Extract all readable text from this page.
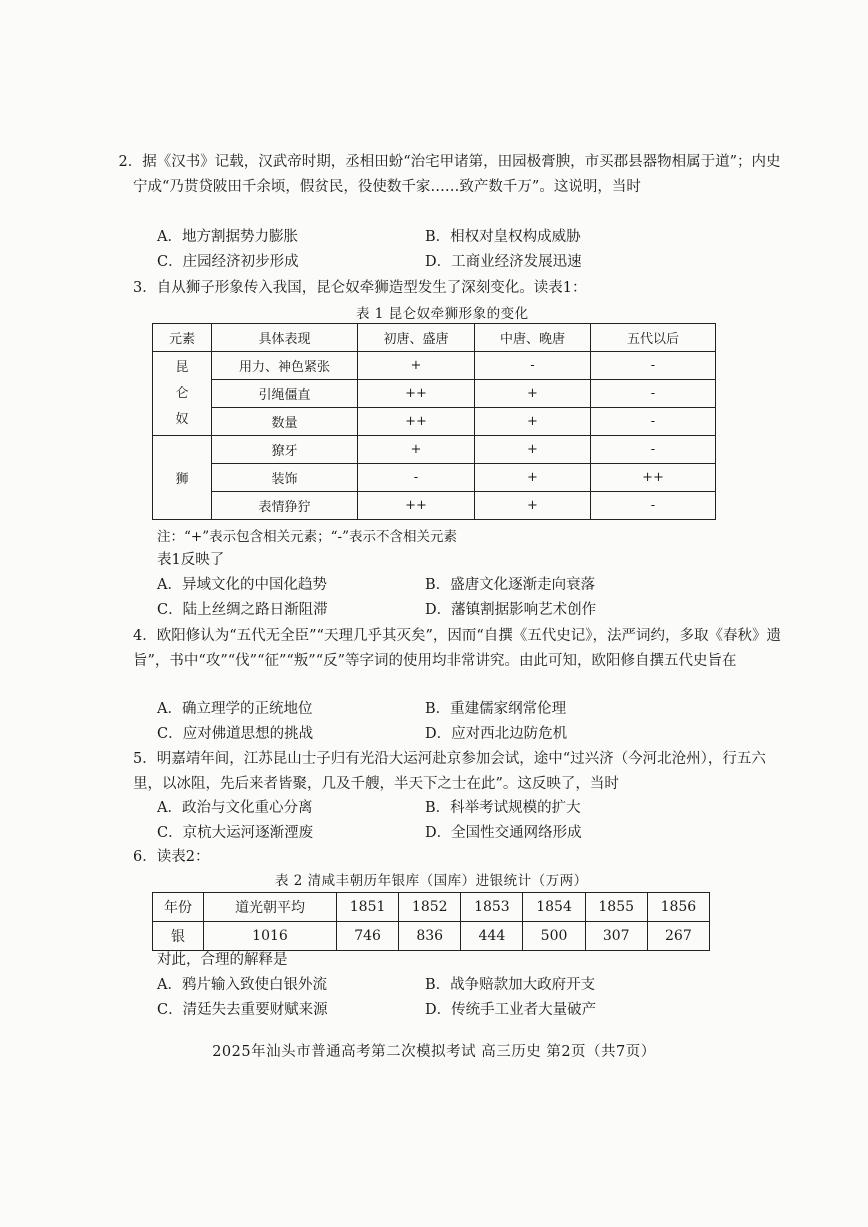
2．据《汉书》记载，汉武帝时期，丞相田蚡“治宅甲诸第，田园极膏腴，市买郡县器物相属于道”；内史宁成“乃贳贷陂田千余顷，假贫民，役使数千家……致产数千万”。这说明，当时
A．地方割据势力膨胀	B．相权对皇权构成威胁
C．庄园经济初步形成	D．工商业经济发展迅速
3．自从狮子形象传入我国，昆仑奴牵狮造型发生了深刻变化。读表1：
表 1 昆仑奴牵狮形象的变化
元素	具体表现	初唐、盛唐	中唐、晚唐	五代以后
昆仑奴	用力、神色紧张	+	-	-
	引绳僵直	++	+	-
	数量	++	+	-
狮	獠牙	+	+	-
	装饰	-	+	++
	表情狰狞	++	+	-
注：“+”表示包含相关元素；“-”表示不含相关元素
表1反映了
A．异域文化的中国化趋势	B．盛唐文化逐渐走向衰落
C．陆上丝绸之路日渐阻滞	D．藩镇割据影响艺术创作
4．欧阳修认为“五代无全臣”“天理几乎其灭矣”，因而“自撰《五代史记》，法严词约，多取《春秋》遗旨”，书中“攻”“伐”“征”“叛”“反”等字词的使用均非常讲究。由此可知，欧阳修自撰五代史旨在
A．确立理学的正统地位	B．重建儒家纲常伦理
C．应对佛道思想的挑战	D．应对西北边防危机
5．明嘉靖年间，江苏昆山士子归有光沿大运河赴京参加会试，途中“过兴济（今河北沧州），行五六里，以冰阻，先后来者皆聚，几及千艘，半天下之士在此”。这反映了，当时
A．政治与文化重心分离	B．科举考试规模的扩大
C．京杭大运河逐渐湮废	D．全国性交通网络形成
6．读表2：
表 2 清咸丰朝历年银库（国库）进银统计（万两）
年份	道光朝平均	1851	1852	1853	1854	1855	1856
银	1016	746	836	444	500	307	267
对此，合理的解释是
A．鸦片输入致使白银外流	B．战争赔款加大政府开支
C．清廷失去重要财赋来源	D．传统手工业者大量破产
2025年汕头市普通高考第二次模拟考试 高三历史 第2页（共7页）
